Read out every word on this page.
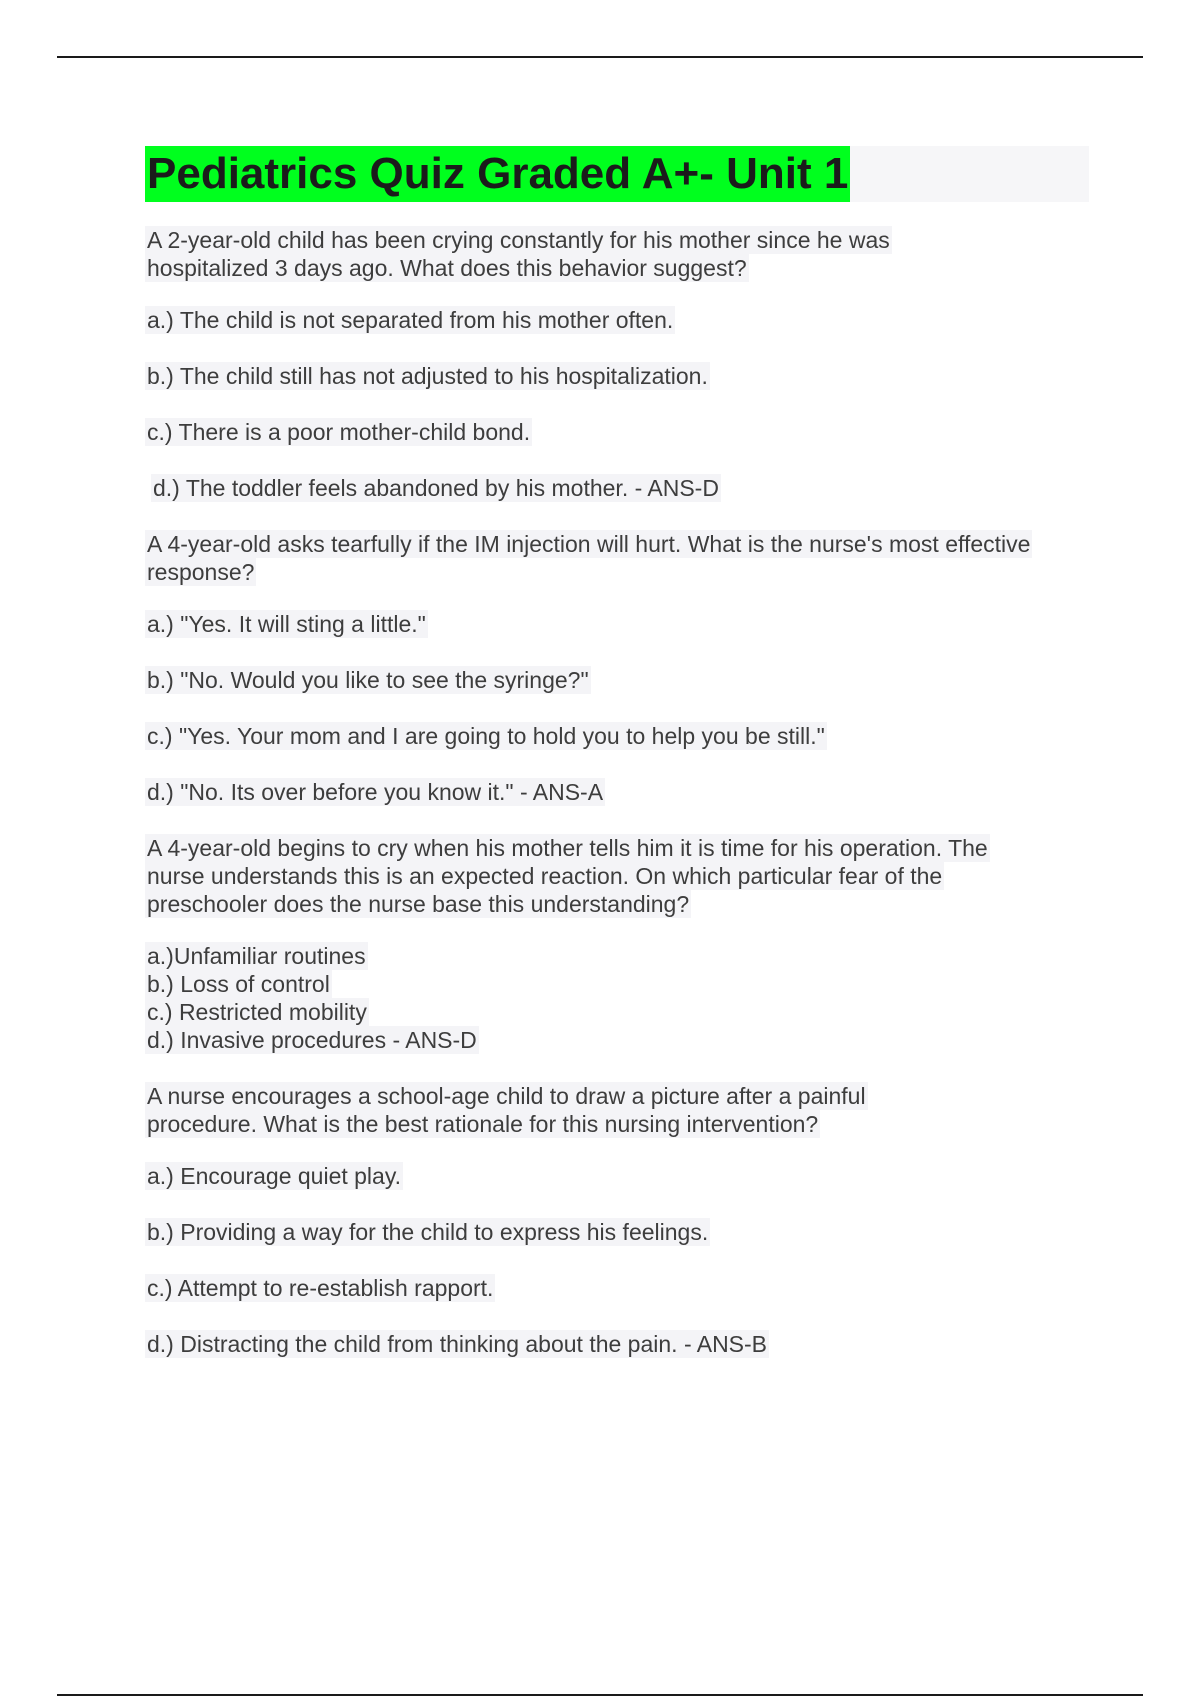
Pediatrics Quiz Graded A+- Unit 1
A 2-year-old child has been crying constantly for his mother since he was
hospitalized 3 days ago. What does this behavior suggest?
a.) The child is not separated from his mother often.
b.) The child still has not adjusted to his hospitalization.
c.) There is a poor mother-child bond.
d.) The toddler feels abandoned by his mother. - ANS-D
A 4-year-old asks tearfully if the IM injection will hurt. What is the nurse's most effective
response?
a.) "Yes. It will sting a little."
b.) "No. Would you like to see the syringe?"
c.) "Yes. Your mom and I are going to hold you to help you be still."
d.) "No. Its over before you know it." - ANS-A
A 4-year-old begins to cry when his mother tells him it is time for his operation. The
nurse understands this is an expected reaction. On which particular fear of the
preschooler does the nurse base this understanding?
a.)Unfamiliar routines
b.) Loss of control
c.) Restricted mobility
d.) Invasive procedures - ANS-D
A nurse encourages a school-age child to draw a picture after a painful
procedure. What is the best rationale for this nursing intervention?
a.) Encourage quiet play.
b.) Providing a way for the child to express his feelings.
c.) Attempt to re-establish rapport.
d.) Distracting the child from thinking about the pain. - ANS-B
